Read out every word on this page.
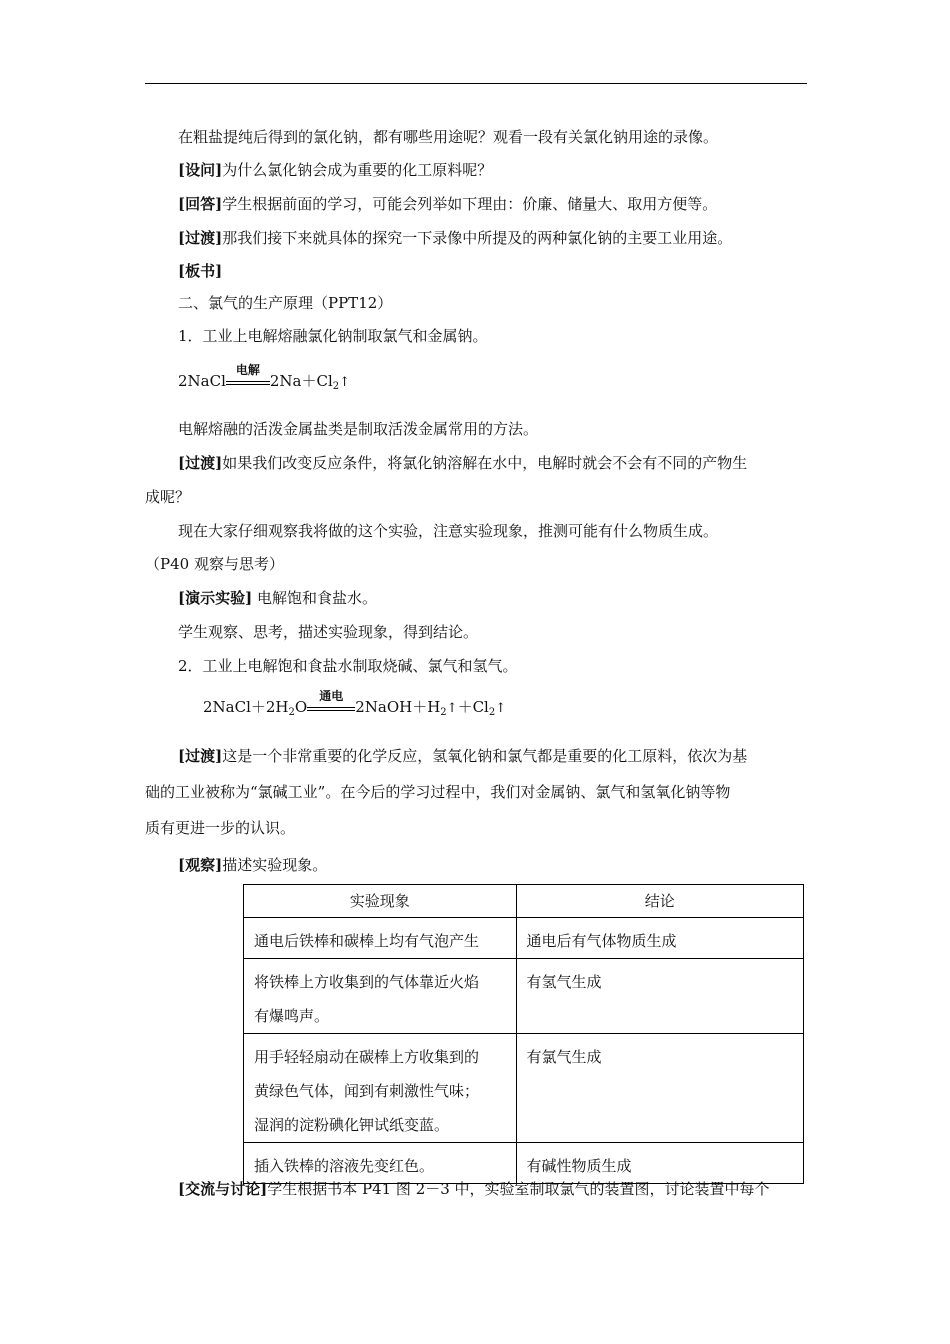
在粗盐提纯后得到的氯化钠，都有哪些用途呢？观看一段有关氯化钠用途的录像。
[设问]为什么氯化钠会成为重要的化工原料呢？
[回答]学生根据前面的学习，可能会列举如下理由：价廉、储量大、取用方便等。
[过渡]那我们接下来就具体的探究一下录像中所提及的两种氯化钠的主要工业用途。
[板书]
二、氯气的生产原理（PPT12）
1．工业上电解熔融氯化钠制取氯气和金属钠。
2NaCl
电解
$2Na+Cl_2↑$
电解熔融的活泼金属盐类是制取活泼金属常用的方法。
[过渡]如果我们改变反应条件，将氯化钠溶解在水中，电解时就会不会有不同的产物生
成呢？
现在大家仔细观察我将做的这个实验，注意实验现象，推测可能有什么物质生成。
（P40 观察与思考）
[演示实验] 电解饱和食盐水。
学生观察、思考，描述实验现象，得到结论。
2．工业上电解饱和食盐水制取烧碱、氯气和氢气。
$2NaCl+2H_2O$
通电
$2NaOH+H_2↑+Cl_2↑$
[过渡]这是一个非常重要的化学反应，氢氧化钠和氯气都是重要的化工原料，依次为基
础的工业被称为“氯碱工业”。在今后的学习过程中，我们对金属钠、氯气和氢氧化钠等物
质有更进一步的认识。
[观察]描述实验现象。
实验现象	结论

通电后铁棒和碳棒上均有气泡产生	通电后有气体物质生成

将铁棒上方收集到的气体靠近火焰
有爆鸣声。	有氢气生成

用手轻轻扇动在碳棒上方收集到的
黄绿色气体，闻到有刺激性气味；
湿润的淀粉碘化钾试纸变蓝。	有氯气生成

插入铁棒的溶液先变红色。	有碱性物质生成
[交流与讨论]学生根据书本 P41 图 2－3 中，实验室制取氯气的装置图，讨论装置中每个
